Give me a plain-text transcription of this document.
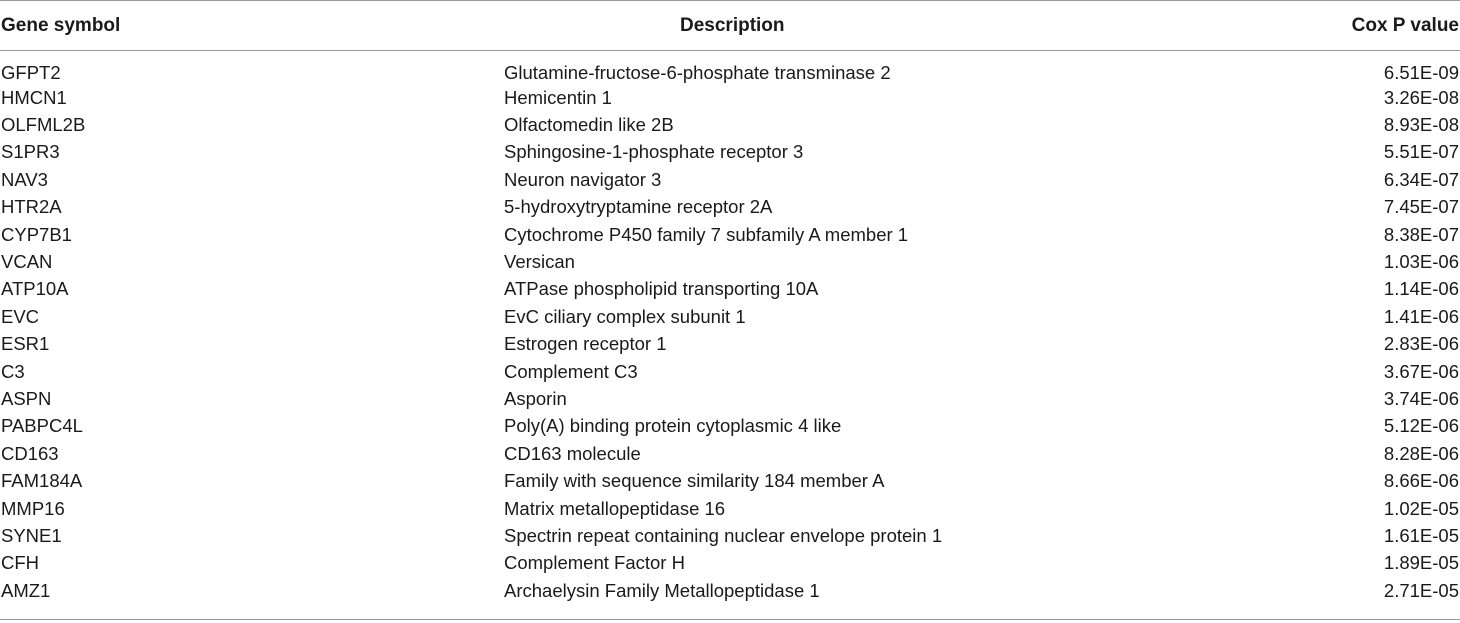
Gene symbol	Description	Cox P value
GFPT2	Glutamine-fructose-6-phosphate transminase 2	6.51E-09
HMCN1	Hemicentin 1	3.26E-08
OLFML2B	Olfactomedin like 2B	8.93E-08
S1PR3	Sphingosine-1-phosphate receptor 3	5.51E-07
NAV3	Neuron navigator 3	6.34E-07
HTR2A	5-hydroxytryptamine receptor 2A	7.45E-07
CYP7B1	Cytochrome P450 family 7 subfamily A member 1	8.38E-07
VCAN	Versican	1.03E-06
ATP10A	ATPase phospholipid transporting 10A	1.14E-06
EVC	EvC ciliary complex subunit 1	1.41E-06
ESR1	Estrogen receptor 1	2.83E-06
C3	Complement C3	3.67E-06
ASPN	Asporin	3.74E-06
PABPC4L	Poly(A) binding protein cytoplasmic 4 like	5.12E-06
CD163	CD163 molecule	8.28E-06
FAM184A	Family with sequence similarity 184 member A	8.66E-06
MMP16	Matrix metallopeptidase 16	1.02E-05
SYNE1	Spectrin repeat containing nuclear envelope protein 1	1.61E-05
CFH	Complement Factor H	1.89E-05
AMZ1	Archaelysin Family Metallopeptidase 1	2.71E-05
